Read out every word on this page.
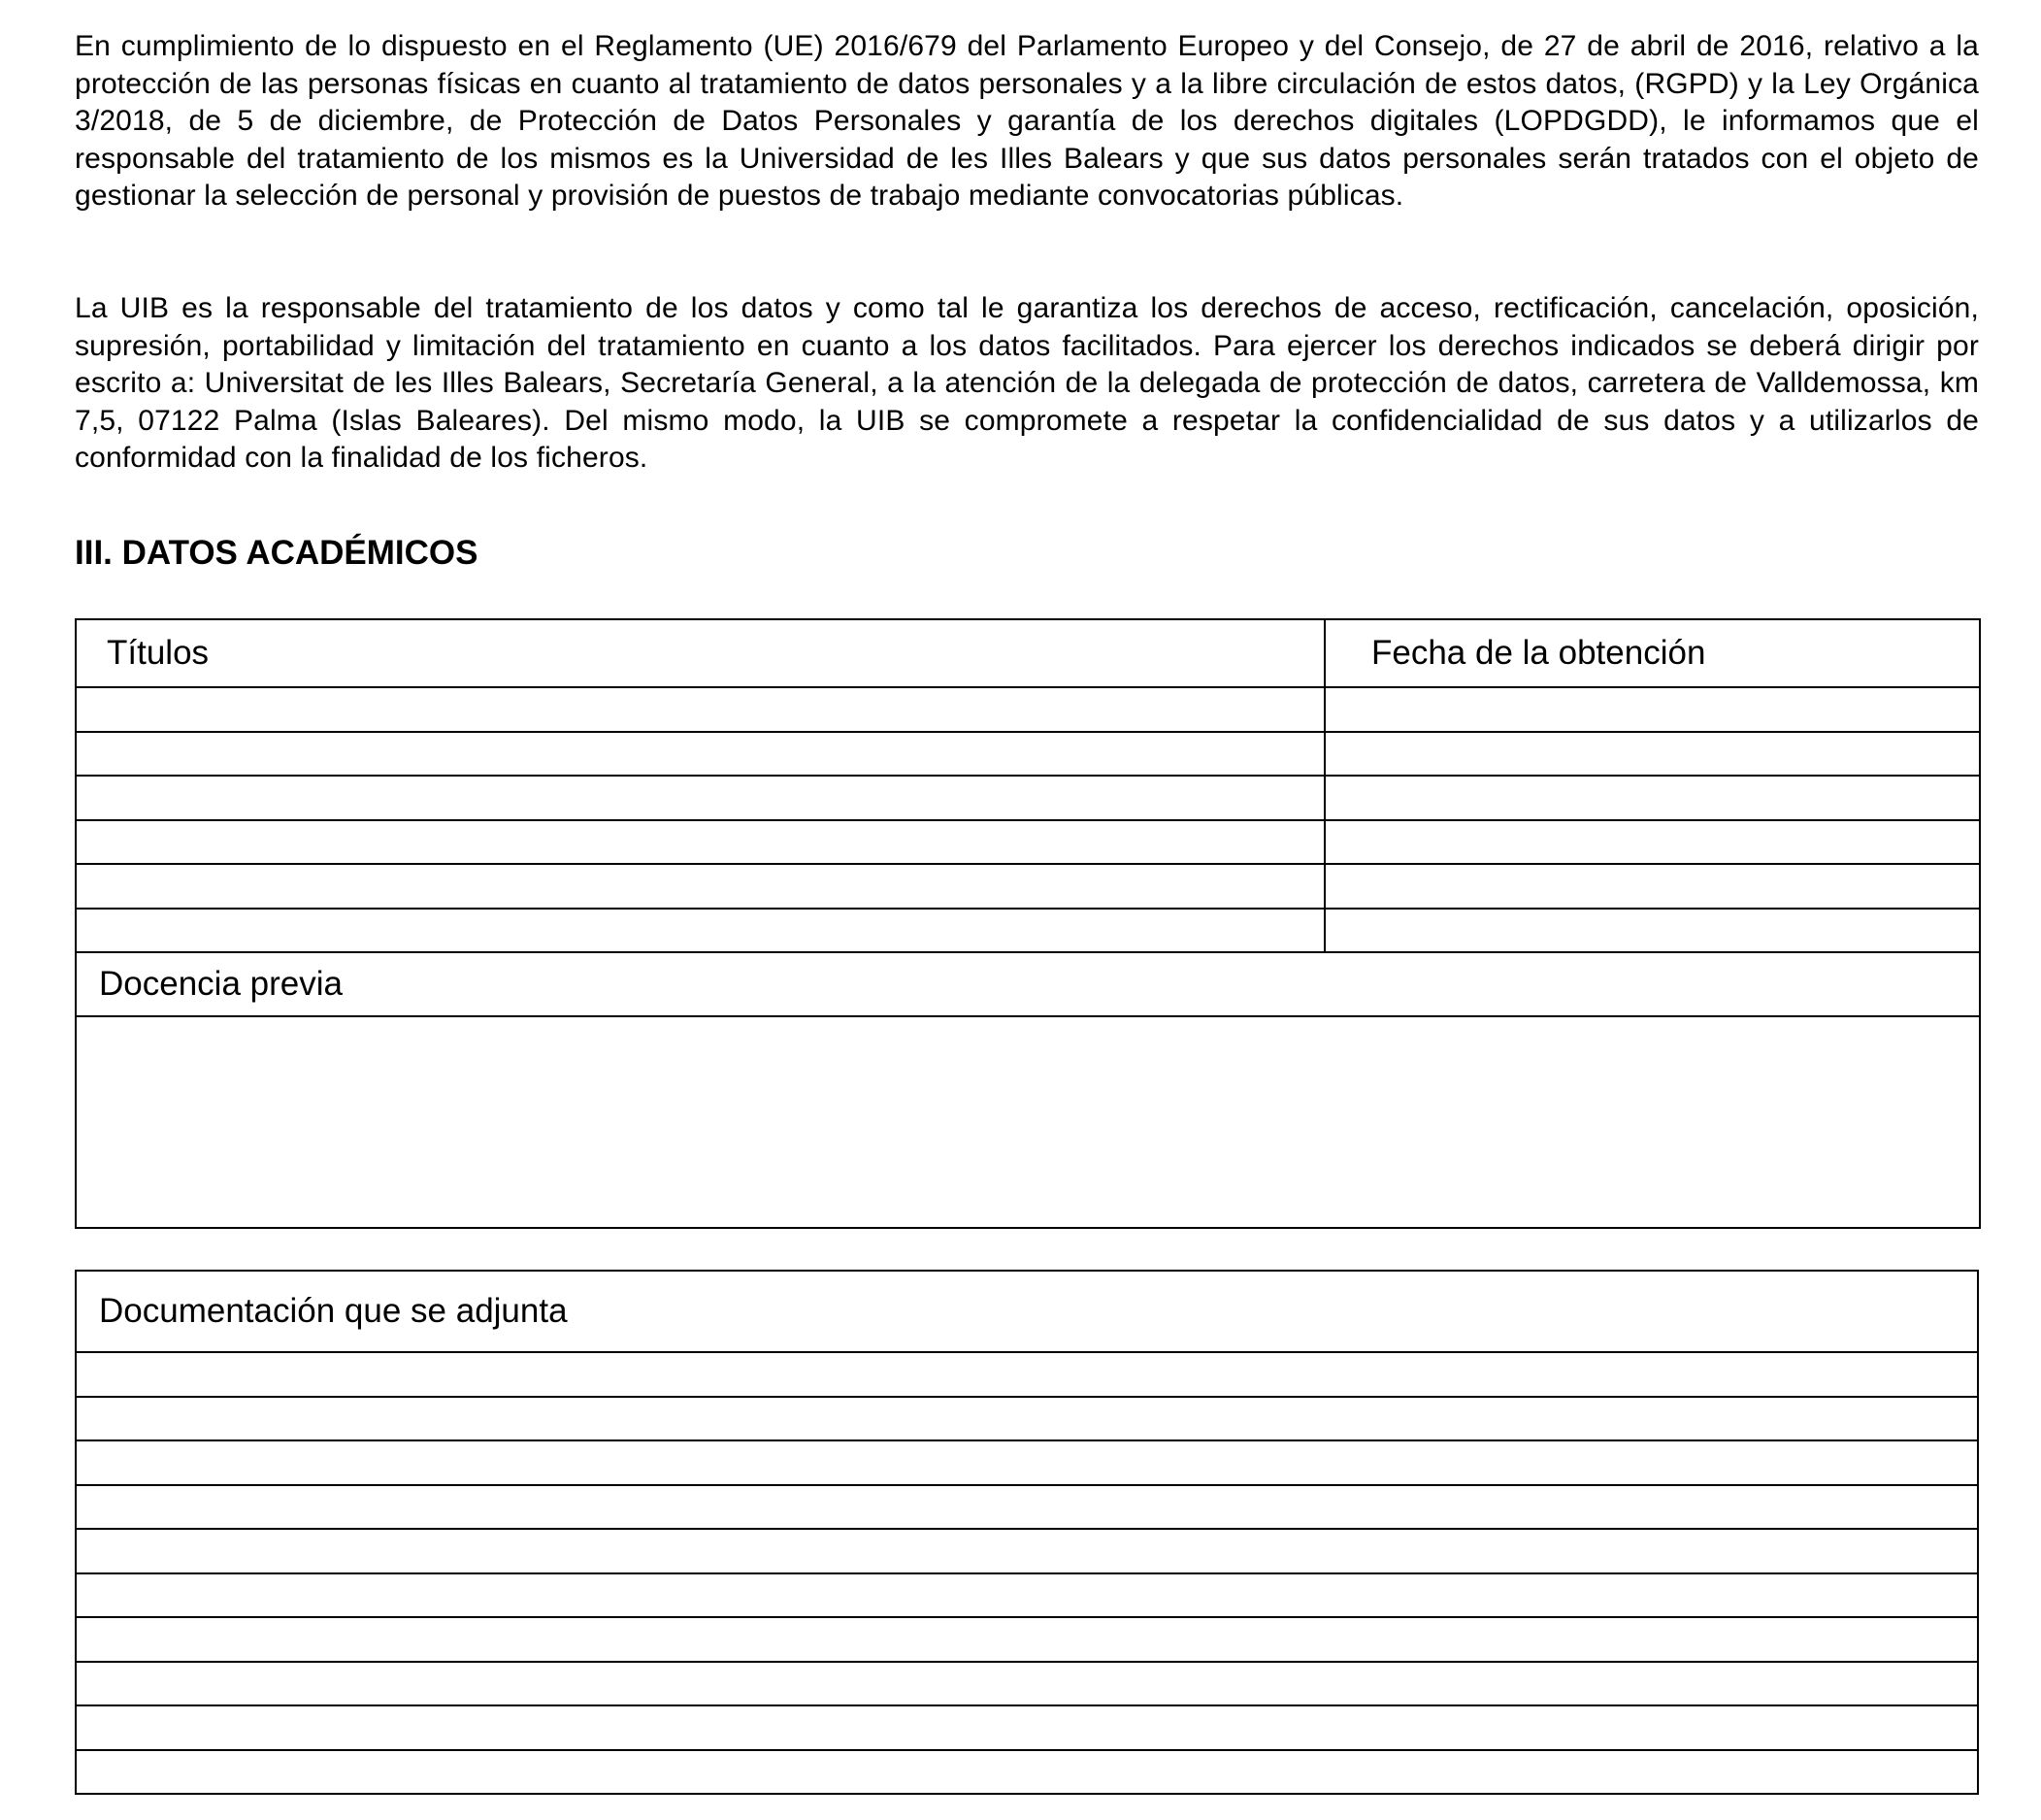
En cumplimiento de lo dispuesto en el Reglamento (UE) 2016/679 del Parlamento Europeo y del Consejo, de 27 de abril de 2016, relativo a la protección de las personas físicas en cuanto al tratamiento de datos personales y a la libre circulación de estos datos, (RGPD) y la Ley Orgánica 3/2018, de 5 de diciembre, de Protección de Datos Personales y garantía de los derechos digitales (LOPDGDD), le informamos que el responsable del tratamiento de los mismos es la Universidad de les Illes Balears y que sus datos personales serán tratados con el objeto de gestionar la selección de personal y provisión de puestos de trabajo mediante convocatorias públicas.

La UIB es la responsable del tratamiento de los datos y como tal le garantiza los derechos de acceso, rectificación, cancelación, oposición, supresión, portabilidad y limitación del tratamiento en cuanto a los datos facilitados. Para ejercer los derechos indicados se deberá dirigir por escrito a: Universitat de les Illes Balears, Secretaría General, a la atención de la delegada de protección de datos, carretera de Valldemossa, km 7,5, 07122 Palma (Islas Baleares). Del mismo modo, la UIB se compromete a respetar la confidencialidad de sus datos y a utilizarlos de conformidad con la finalidad de los ficheros.

III. DATOS ACADÉMICOS
Títulos	Fecha de la obtención

Docencia previa	

Documentación que se adjunta
